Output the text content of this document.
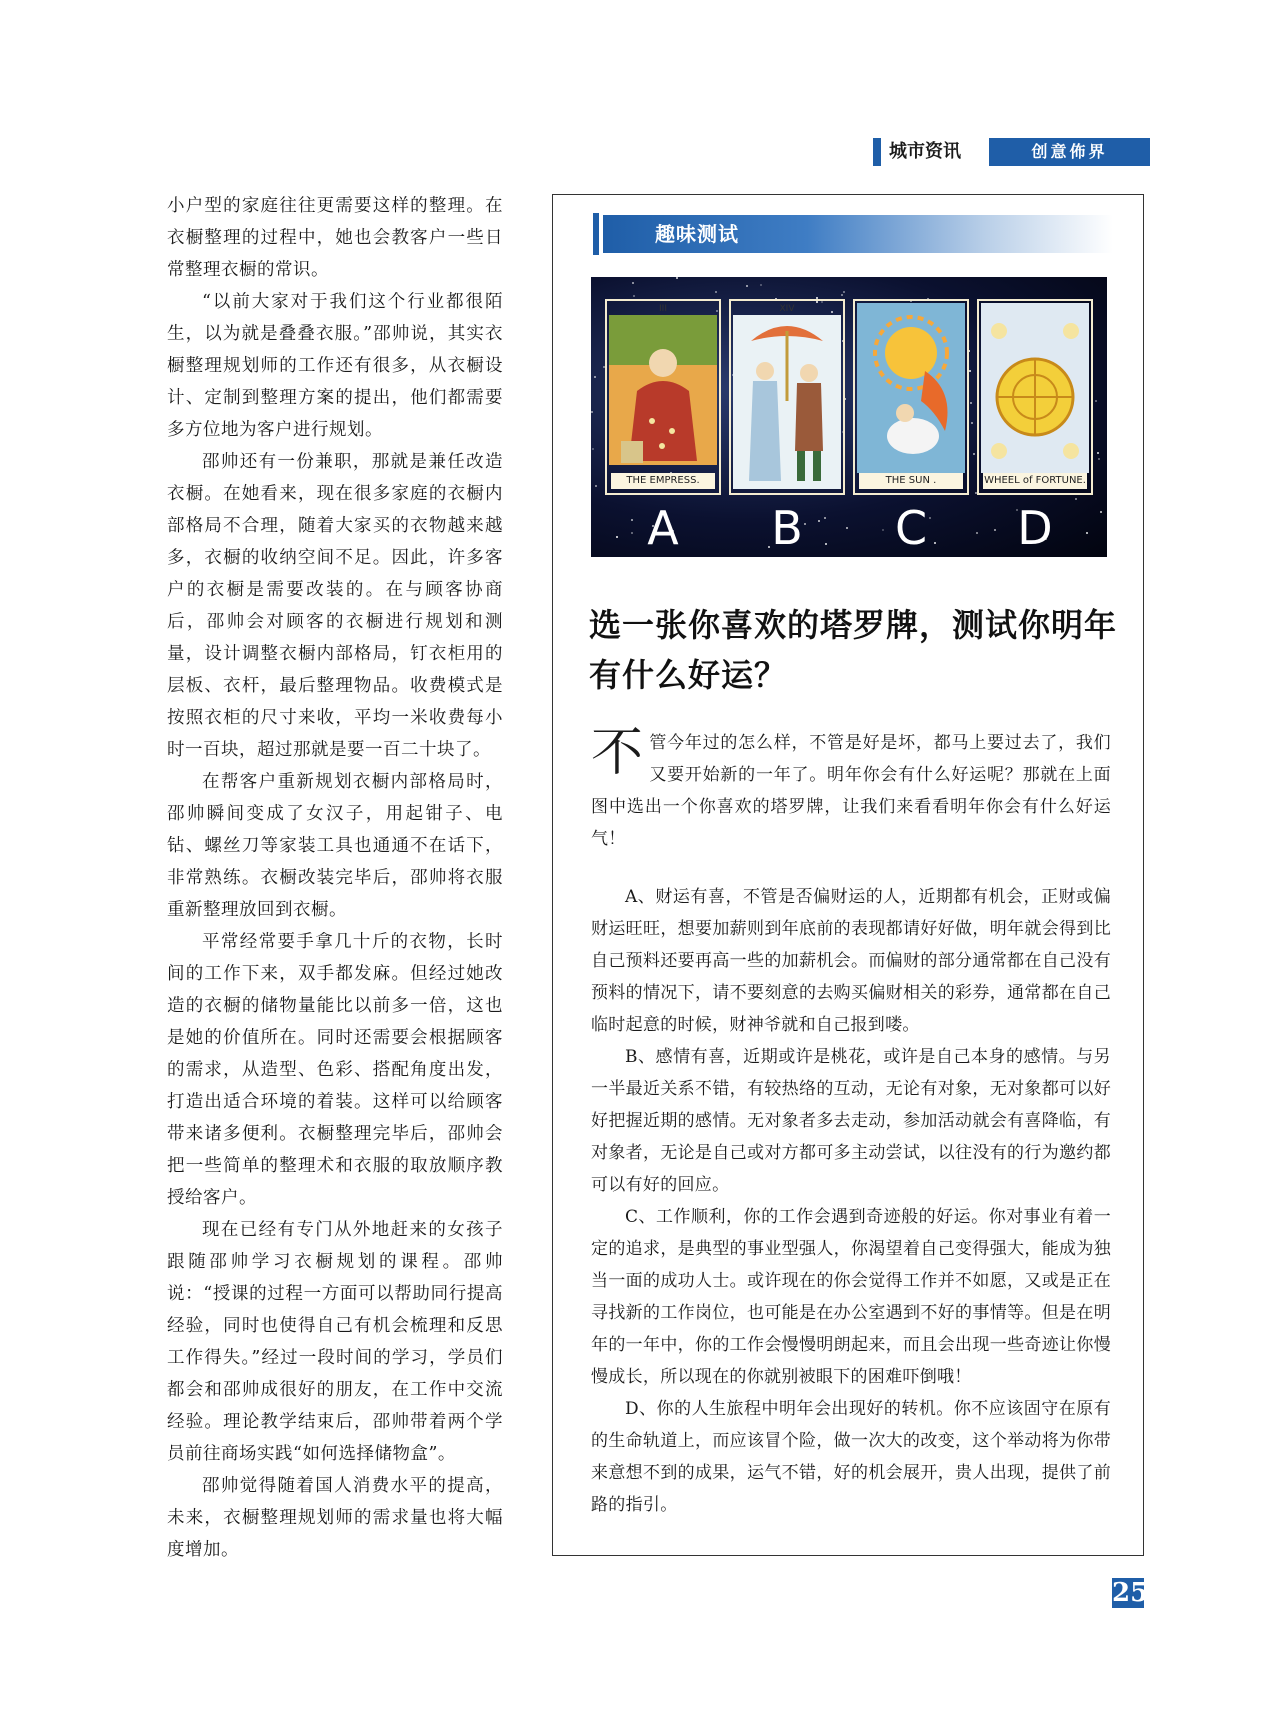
城市资讯	创意佈界

小户型的家庭往往更需要这样的整理。在衣橱整理的过程中，她也会教客户一些日常整理衣橱的常识。

“以前大家对于我们这个行业都很陌生，以为就是叠叠衣服。”邵帅说，其实衣橱整理规划师的工作还有很多，从衣橱设计、定制到整理方案的提出，他们都需要多方位地为客户进行规划。

邵帅还有一份兼职，那就是兼任改造衣橱。在她看来，现在很多家庭的衣橱内部格局不合理，随着大家买的衣物越来越多，衣橱的收纳空间不足。因此，许多客户的衣橱是需要改装的。在与顾客协商后，邵帅会对顾客的衣橱进行规划和测量，设计调整衣橱内部格局，钉衣柜用的层板、衣杆，最后整理物品。收费模式是按照衣柜的尺寸来收，平均一米收费每小时一百块，超过那就是要一百二十块了。

在帮客户重新规划衣橱内部格局时，邵帅瞬间变成了女汉子，用起钳子、电钻、螺丝刀等家装工具也通通不在话下，非常熟练。衣橱改装完毕后，邵帅将衣服重新整理放回到衣橱。

平常经常要手拿几十斤的衣物，长时间的工作下来，双手都发麻。但经过她改造的衣橱的储物量能比以前多一倍，这也是她的价值所在。同时还需要会根据顾客的需求，从造型、色彩、搭配角度出发，打造出适合环境的着装。这样可以给顾客带来诸多便利。衣橱整理完毕后，邵帅会把一些简单的整理术和衣服的取放顺序教授给客户。

现在已经有专门从外地赶来的女孩子跟随邵帅学习衣橱规划的课程。邵帅说：“授课的过程一方面可以帮助同行提高经验，同时也使得自己有机会梳理和反思工作得失。”经过一段时间的学习，学员们都会和邵帅成很好的朋友，在工作中交流经验。理论教学结束后，邵帅带着两个学员前往商场实践“如何选择储物盒”。

邵帅觉得随着国人消费水平的提高，未来，衣橱整理规划师的需求量也将大幅度增加。

趣味测试
III
THE EMPRESS.
XIV
THE SUN .	WHEEL of FORTUNE.
A	B	C	D
选一张你喜欢的塔罗牌，测试你明年有什么好运？
不 管今年过的怎么样，不管是好是坏，都马上要过去了，我们又要开始新的一年了。明年你会有什么好运呢？那就在上面图中选出一个你喜欢的塔罗牌，让我们来看看明年你会有什么好运气！

A、财运有喜，不管是否偏财运的人，近期都有机会，正财或偏财运旺旺，想要加薪则到年底前的表现都请好好做，明年就会得到比自己预料还要再高一些的加薪机会。而偏财的部分通常都在自己没有预料的情况下，请不要刻意的去购买偏财相关的彩券，通常都在自己临时起意的时候，财神爷就和自己报到喽。

B、感情有喜，近期或许是桃花，或许是自己本身的感情。与另一半最近关系不错，有较热络的互动，无论有对象，无对象都可以好好把握近期的感情。无对象者多去走动，参加活动就会有喜降临，有对象者，无论是自己或对方都可多主动尝试，以往没有的行为邀约都可以有好的回应。

C、工作顺利，你的工作会遇到奇迹般的好运。你对事业有着一定的追求，是典型的事业型强人，你渴望着自己变得强大，能成为独当一面的成功人士。或许现在的你会觉得工作并不如愿，又或是正在寻找新的工作岗位，也可能是在办公室遇到不好的事情等。但是在明年的一年中，你的工作会慢慢明朗起来，而且会出现一些奇迹让你慢慢成长，所以现在的你就别被眼下的困难吓倒哦！

D、你的人生旅程中明年会出现好的转机。你不应该固守在原有的生命轨道上，而应该冒个险，做一次大的改变，这个举动将为你带来意想不到的成果，运气不错，好的机会展开，贵人出现，提供了前路的指引。

25
